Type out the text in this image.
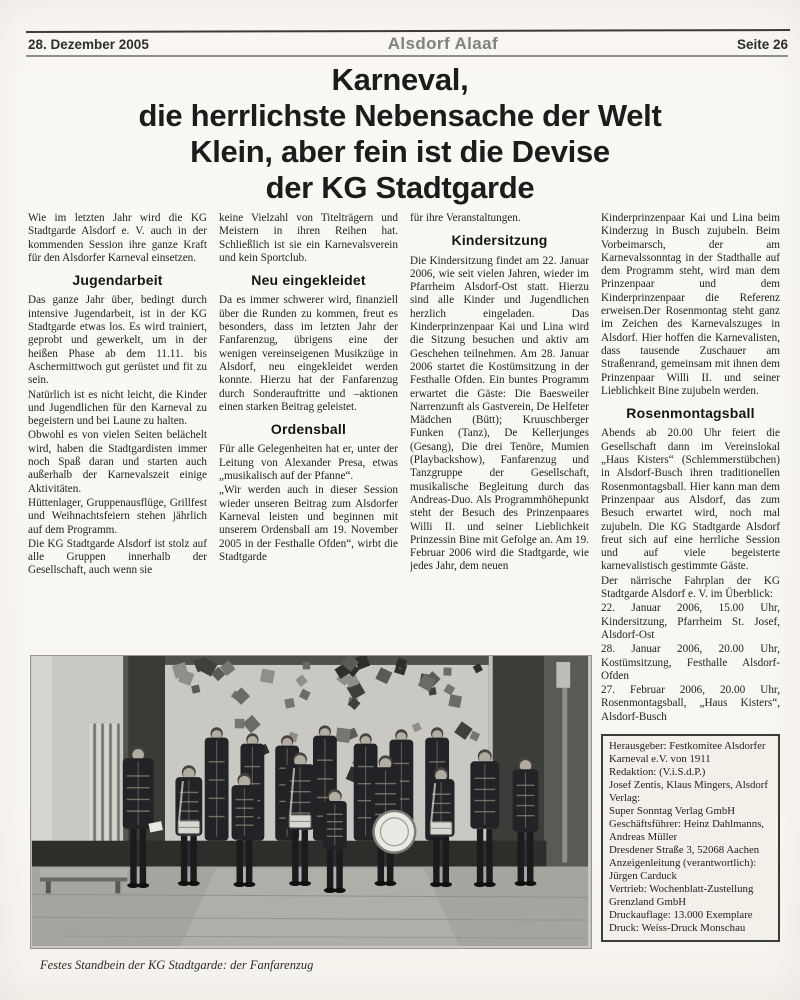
28. Dezember 2005	Alsdorf Alaaf	Seite 26
Karneval,
die herrlichste Nebensache der Welt
Klein, aber fein ist die Devise
der KG Stadtgarde
Wie im letzten Jahr wird die KG Stadtgarde Alsdorf e. V. auch in der kommenden Session ihre ganze Kraft für den Alsdorfer Karneval einsetzen.
Jugendarbeit
Das ganze Jahr über, bedingt durch intensive Jugendarbeit, ist in der KG Stadtgarde etwas los. Es wird trainiert, geprobt und gewerkelt, um in der heißen Phase ab dem 11.11. bis Aschermittwoch gut gerüstet und fit zu sein.
Natürlich ist es nicht leicht, die Kinder und Jugendlichen für den Karneval zu begeistern und bei Laune zu halten.
Obwohl es von vielen Seiten belächelt wird, haben die Stadtgardisten immer noch Spaß daran und starten auch außerhalb der Karnevalszeit einige Aktivitäten.
Hüttenlager, Gruppenausflüge, Grillfest und Weihnachtsfeiern stehen jährlich auf dem Programm.
Die KG Stadtgarde Alsdorf ist stolz auf alle Gruppen innerhalb der Gesellschaft, auch wenn sie
keine Vielzahl von Titelträgern und Meistern in ihren Reihen hat. Schließlich ist sie ein Karnevalsverein und kein Sportclub.
Neu eingekleidet
Da es immer schwerer wird, finanziell über die Runden zu kommen, freut es besonders, dass im letzten Jahr der Fanfarenzug, übrigens eine der wenigen vereinseigenen Musikzüge in Alsdorf, neu eingekleidet werden konnte. Hierzu hat der Fanfarenzug durch Sonderauftritte und –aktionen einen starken Beitrag geleistet.
Ordensball
Für alle Gelegenheiten hat er, unter der Leitung von Alexander Presa, etwas „musikalisch auf der Pfanne“.
„Wir werden auch in dieser Session wieder unseren Beitrag zum Alsdorfer Karneval leisten und beginnen mit unserem Ordensball am 19. November 2005 in der Festhalle Ofden“, wirbt die Stadtgarde
für ihre Veranstaltungen.
Kindersitzung
Die Kindersitzung findet am 22. Januar 2006, wie seit vielen Jahren, wieder im Pfarrheim Alsdorf-Ost statt. Hierzu sind alle Kinder und Jugendlichen herzlich eingeladen. Das Kinderprinzenpaar Kai und Lina wird die Sitzung besuchen und aktiv am Geschehen teilnehmen. Am 28. Januar 2006 startet die Kostümsitzung in der Festhalle Ofden. Ein buntes Programm erwartet die Gäste: Die Baesweiler Narrenzunft als Gastverein, De Helfeter Mädchen (Bütt); Kruuschberger Funken (Tanz), De Kellerjunges (Gesang), Die drei Tenöre, Mumien (Playbackshow), Fanfarenzug und Tanzgruppe der Gesellschaft, musikalische Begleitung durch das Andreas-Duo. Als Programmhöhepunkt steht der Besuch des Prinzenpaares Willi II. und seiner Lieblichkeit Prinzessin Bine mit Gefolge an. Am 19. Februar 2006 wird die Stadtgarde, wie jedes Jahr, dem neuen
Kinderprinzenpaar Kai und Lina beim Kinderzug in Busch zujubeln. Beim Vorbeimarsch, der am Karnevalssonntag in der Stadthalle auf dem Programm steht, wird man dem Prinzenpaar und dem Kinderprinzenpaar die Referenz erweisen.Der Rosenmontag steht ganz im Zeichen des Karnevalszuges in Alsdorf. Hier hoffen die Karnevalisten, dass tausende Zuschauer am Straßenrand, gemeinsam mit ihnen dem Prinzenpaar Willi II. und seiner Lieblichkeit Bine zujubeln werden.
Rosenmontagsball
Abends ab 20.00 Uhr feiert die Gesellschaft dann im Vereinslokal „Haus Kisters“ (Schlemmerstübchen) in Alsdorf-Busch ihren traditionellen Rosenmontagsball. Hier kann man dem Prinzenpaar aus Alsdorf, das zum Besuch erwartet wird, noch mal zujubeln. Die KG Stadtgarde Alsdorf freut sich auf eine herrliche Session und auf viele begeisterte karnevalistisch gestimmte Gäste.
Der närrische Fahrplan der KG Stadtgarde Alsdorf e. V. im Überblick:
22. Januar 2006, 15.00 Uhr, Kindersitzung, Pfarrheim St. Josef, Alsdorf-Ost
28. Januar 2006, 20.00 Uhr, Kostümsitzung, Festhalle Alsdorf-Ofden
27. Februar 2006, 20.00 Uhr, Rosenmontagsball, „Haus Kisters“, Alsdorf-Busch
Herausgeber: Festkomitee Alsdorfer Karneval e.V. von 1911
Redaktion: (V.i.S.d.P.)
Josef Zentis, Klaus Mingers, Alsdorf
Verlag:
Super Sonntag Verlag GmbH
Geschäftsführer: Heinz Dahlmanns, Andreas Müller
Dresdener Straße 3, 52068 Aachen
Anzeigenleitung (verantwortlich): Jürgen Carduck
Vertrieb: Wochenblatt-Zustellung Grenzland GmbH
Druckauflage: 13.000 Exemplare
Druck: Weiss-Druck Monschau
Festes Standbein der KG Stadtgarde: der Fanfarenzug
